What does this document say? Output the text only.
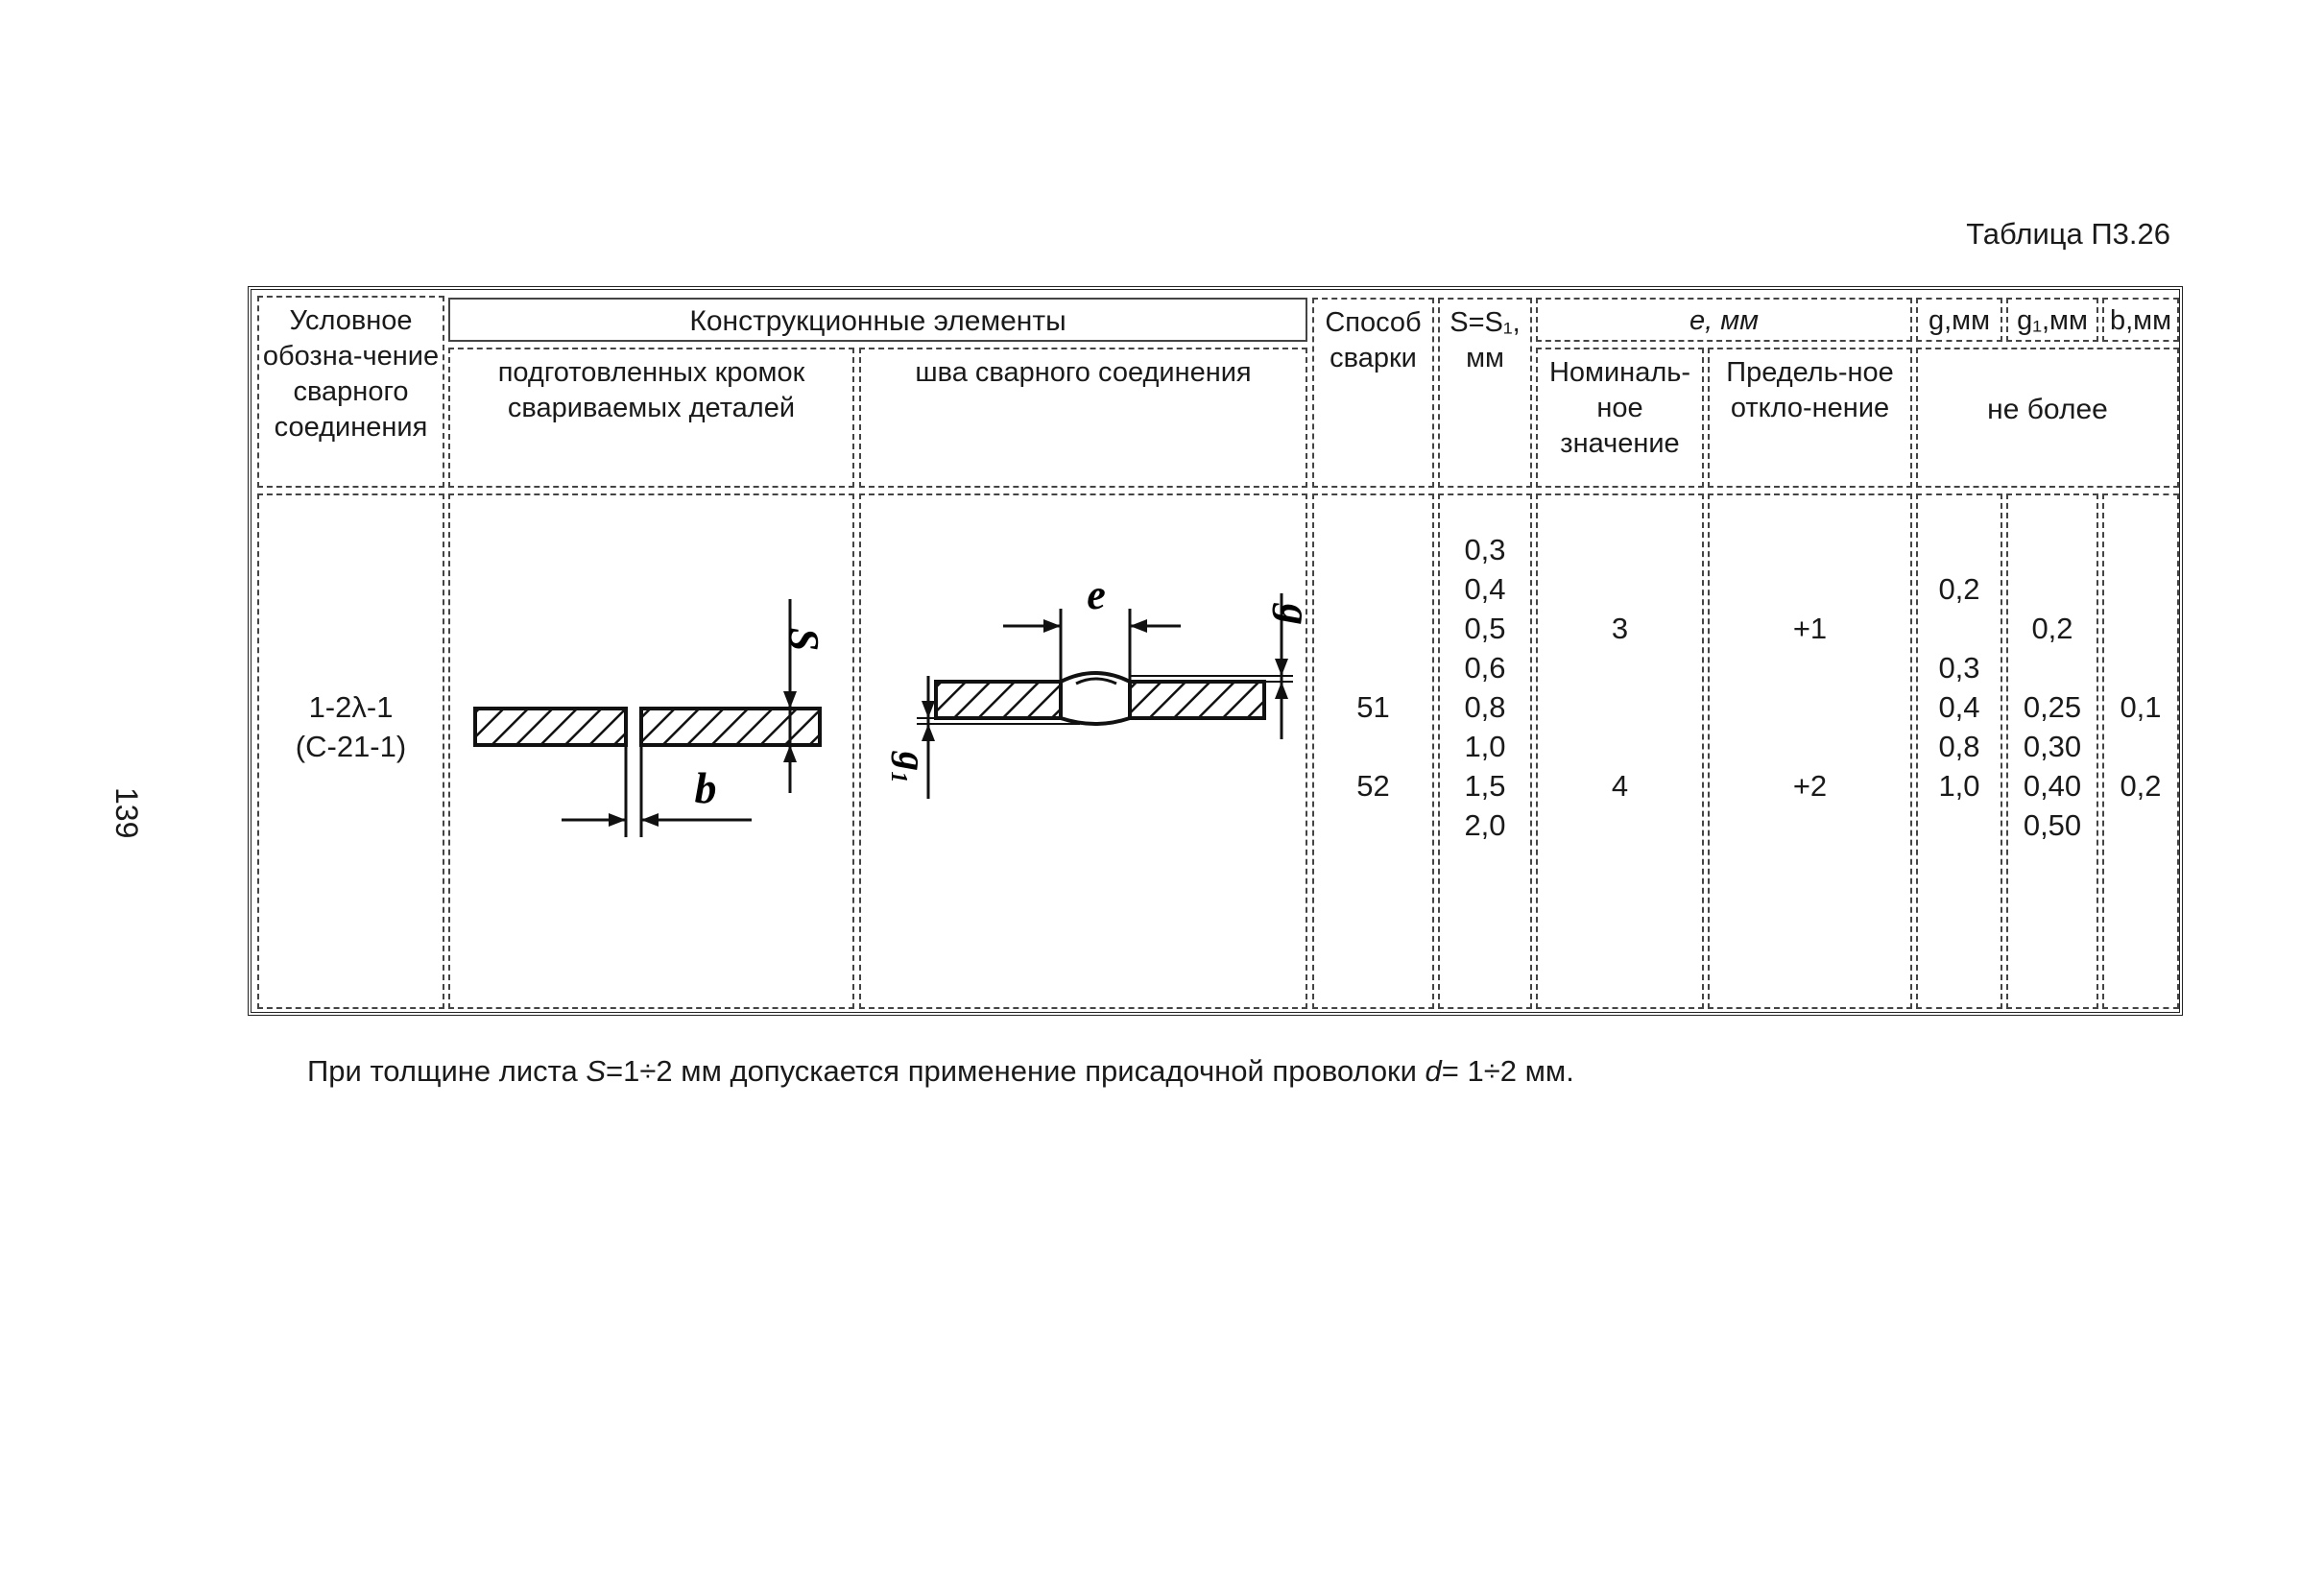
Таблица П3.26
139
Условное обозна-чение сварного соединения
Конструкционные элементы
подготовленных кромок свариваемых деталей
шва сварного соединения
Способ сварки
S=S₁, мм
e, мм
Номиналь-ное значение
Предель-ное откло-нение
g,мм g₁,мм b,мм
не более
1-2λ-1
(С-21-1)
51
52
0,3
0,4
0,5
0,6
0,8
1,0
1,5
2,0
3
4
+1
+2
0,2
0,3
0,4
0,8
1,0
0,2
0,25
0,30
0,40
0,50
0,1
0,2
S
b
e	g
g₁
При толщине листа S=1÷2 мм допускается применение присадочной проволоки d= 1÷2 мм.
